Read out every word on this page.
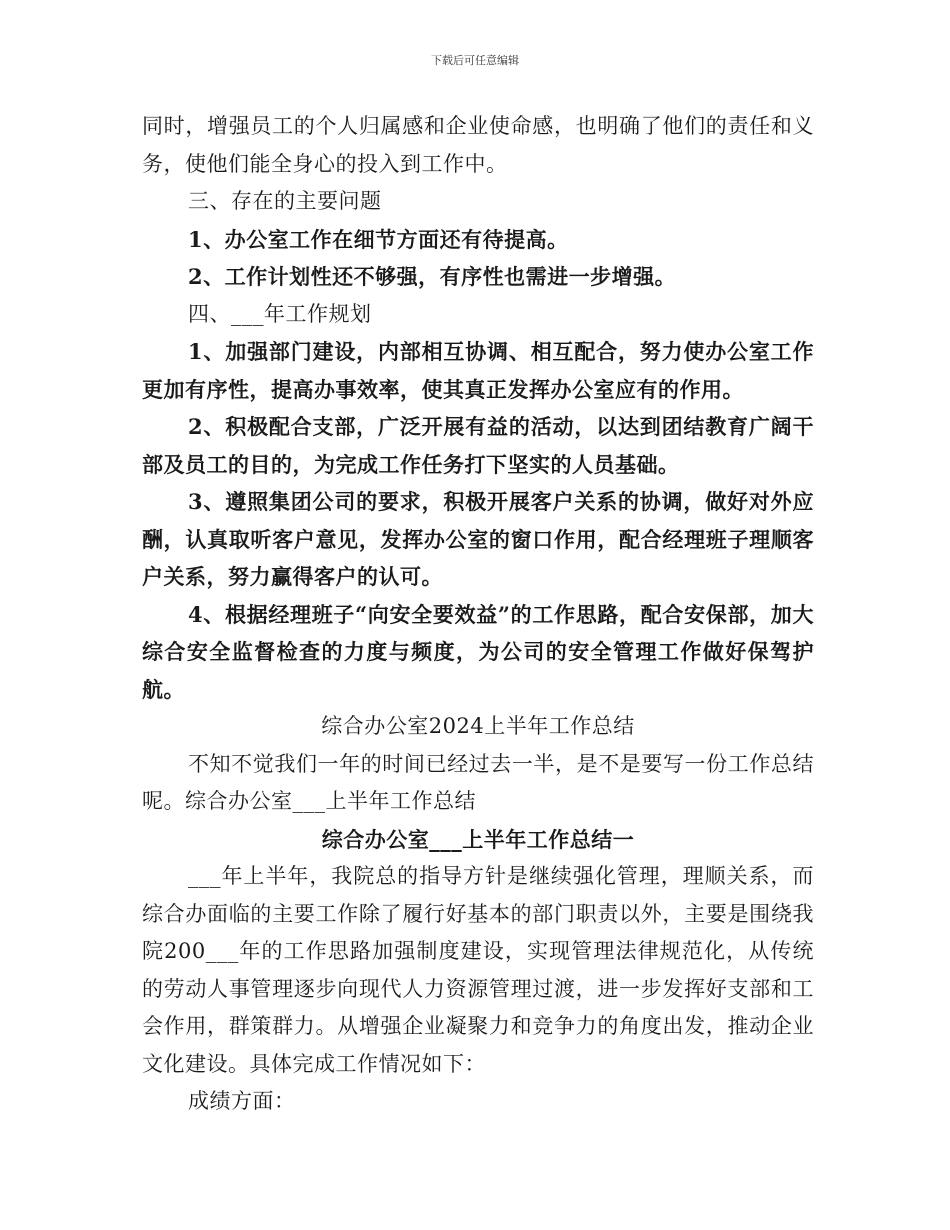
下载后可任意编辑

同时，增强员工的个人归属感和企业使命感，也明确了他们的责任和义务，使他们能全身心的投入到工作中。

三、存在的主要问题

1、办公室工作在细节方面还有待提高。

2、工作计划性还不够强，有序性也需进一步增强。

四、___年工作规划

1、加强部门建设，内部相互协调、相互配合，努力使办公室工作更加有序性，提高办事效率，使其真正发挥办公室应有的作用。

2、积极配合支部，广泛开展有益的活动，以达到团结教育广阔干部及员工的目的，为完成工作任务打下坚实的人员基础。

3、遵照集团公司的要求，积极开展客户关系的协调，做好对外应酬，认真取听客户意见，发挥办公室的窗口作用，配合经理班子理顺客户关系，努力赢得客户的认可。

4、根据经理班子“向安全要效益”的工作思路，配合安保部，加大综合安全监督检查的力度与频度，为公司的安全管理工作做好保驾护航。

综合办公室2024上半年工作总结

不知不觉我们一年的时间已经过去一半，是不是要写一份工作总结呢。综合办公室___上半年工作总结

综合办公室___上半年工作总结一

___年上半年，我院总的指导方针是继续强化管理，理顺关系，而综合办面临的主要工作除了履行好基本的部门职责以外，主要是围绕我院200___年的工作思路加强制度建设，实现管理法律规范化，从传统的劳动人事管理逐步向现代人力资源管理过渡，进一步发挥好支部和工会作用，群策群力。从增强企业凝聚力和竞争力的角度出发，推动企业文化建设。具体完成工作情况如下：

成绩方面：
